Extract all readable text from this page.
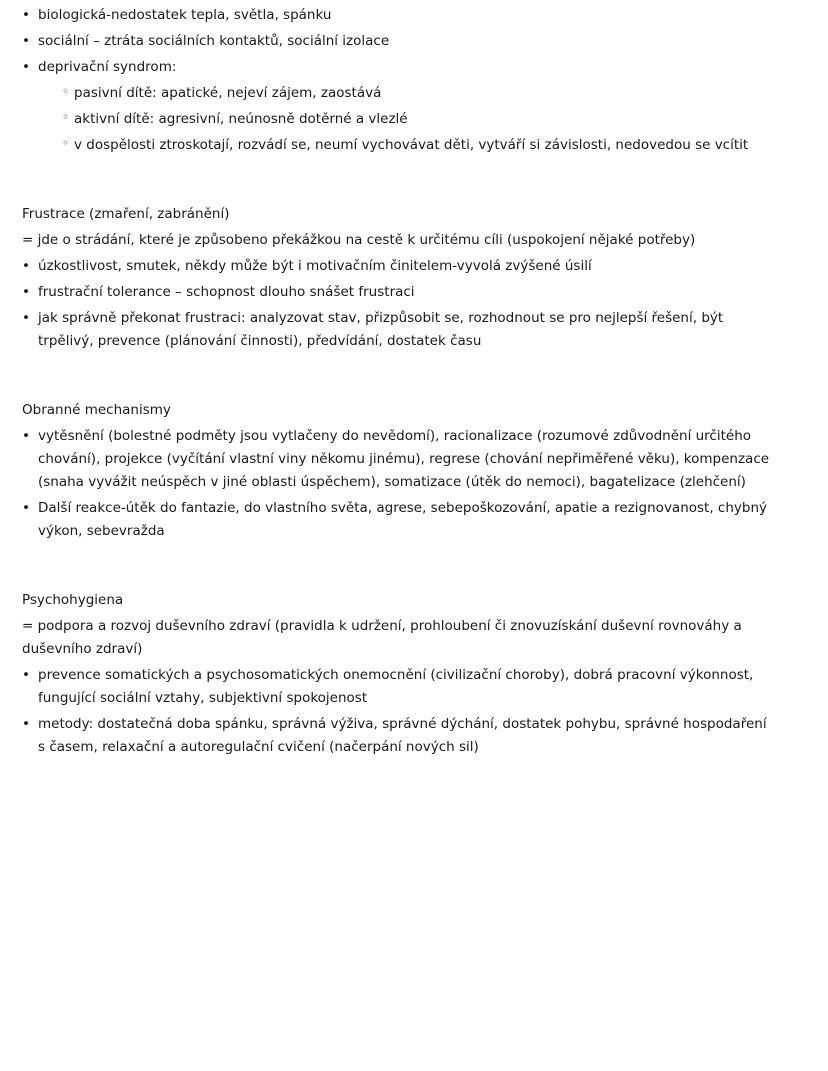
• biologická-nedostatek tepla, světla, spánku
• sociální – ztráta sociálních kontaktů, sociální izolace
• deprivační syndrom:
◦ pasivní dítě: apatické, nejeví zájem, zaostává
◦ aktivní dítě: agresivní, neúnosně dotěrné a vlezlé
◦ v dospělosti ztroskotají, rozvádí se, neumí vychovávat děti, vytváří si závislosti, nedovedou se vcítit
Frustrace (zmaření, zabránění)
= jde o strádání, které je způsobeno překážkou na cestě k určitému cíli (uspokojení nějaké potřeby)
• úzkostlivost, smutek, někdy může být i motivačním činitelem-vyvolá zvýšené úsilí
• frustrační tolerance – schopnost dlouho snášet frustraci
• jak správně překonat frustraci: analyzovat stav, přizpůsobit se, rozhodnout se pro nejlepší řešení, být trpělivý, prevence (plánování činnosti), předvídání, dostatek času
Obranné mechanismy
• vytěsnění (bolestné podměty jsou vytlačeny do nevědomí), racionalizace (rozumové zdůvodnění určitého chování), projekce (vyčítání vlastní viny někomu jinému), regrese (chování nepřiměřené věku), kompenzace (snaha vyvážit neúspěch v jiné oblasti úspěchem), somatizace (útěk do nemoci), bagatelizace (zlehčení)
• Další reakce-útěk do fantazie, do vlastního světa, agrese, sebepoškozování, apatie a rezignovanost, chybný výkon, sebevražda
Psychohygiena
= podpora a rozvoj duševního zdraví (pravidla k udržení, prohloubení či znovuzískání duševní rovnováhy a duševního zdraví)
• prevence somatických a psychosomatických onemocnění (civilizační choroby), dobrá pracovní výkonnost, fungující sociální vztahy, subjektivní spokojenost
• metody: dostatečná doba spánku, správná výživa, správné dýchání, dostatek pohybu, správné hospodaření s časem, relaxační a autoregulační cvičení (načerpání nových sil)
